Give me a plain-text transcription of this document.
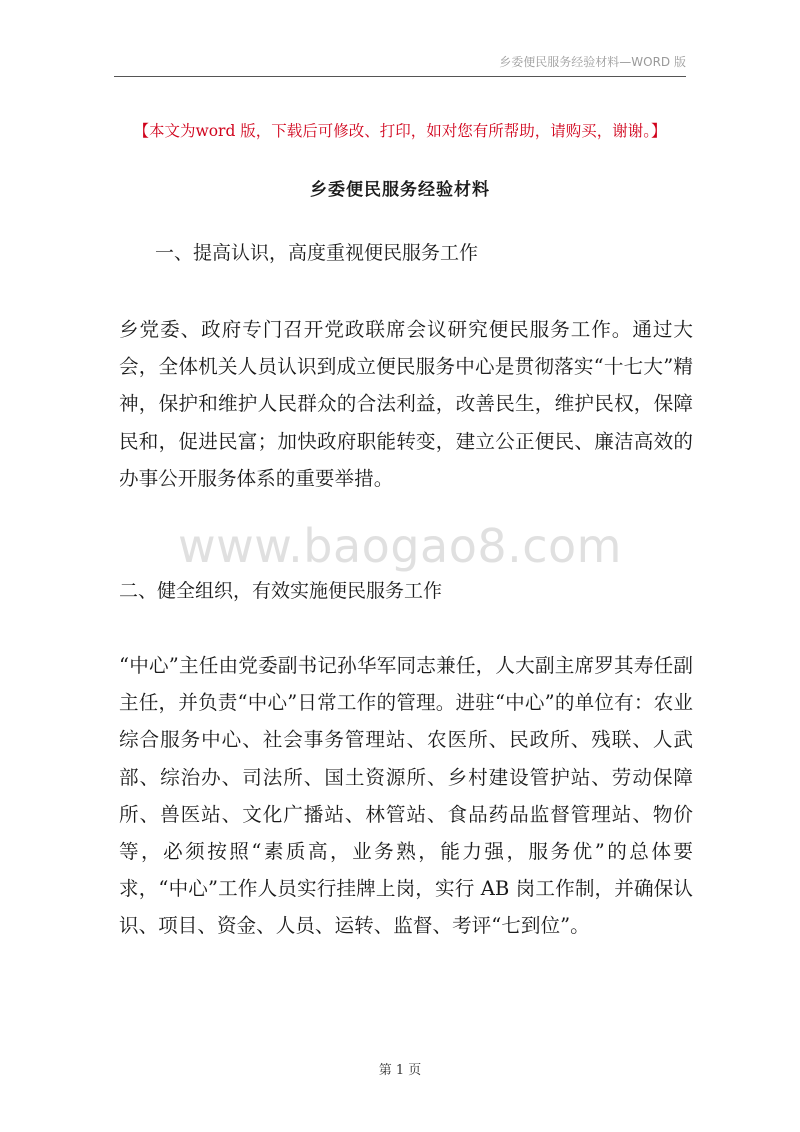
乡委便民服务经验材料—WORD 版
【本文为word 版，下载后可修改、打印，如对您有所帮助，请购买，谢谢。】
乡委便民服务经验材料
一、提高认识，高度重视便民服务工作
乡党委、政府专门召开党政联席会议研究便民服务工作。通过大会，全体机关人员认识到成立便民服务中心是贯彻落实“十七大”精神，保护和维护人民群众的合法利益，改善民生，维护民权，保障民和，促进民富；加快政府职能转变，建立公正便民、廉洁高效的办事公开服务体系的重要举措。
www.baogao8.com
二、健全组织，有效实施便民服务工作
“中心”主任由党委副书记孙华军同志兼任，人大副主席罗其寿任副主任，并负责“中心”日常工作的管理。进驻“中心”的单位有：农业综合服务中心、社会事务管理站、农医所、民政所、残联、人武部、综治办、司法所、国土资源所、乡村建设管护站、劳动保障所、兽医站、文化广播站、林管站、食品药品监督管理站、物价等，必须按照“素质高，业务熟，能力强，服务优”的总体要求，“中心”工作人员实行挂牌上岗，实行 AB 岗工作制，并确保认识、项目、资金、人员、运转、监督、考评“七到位”。
第 1 页
